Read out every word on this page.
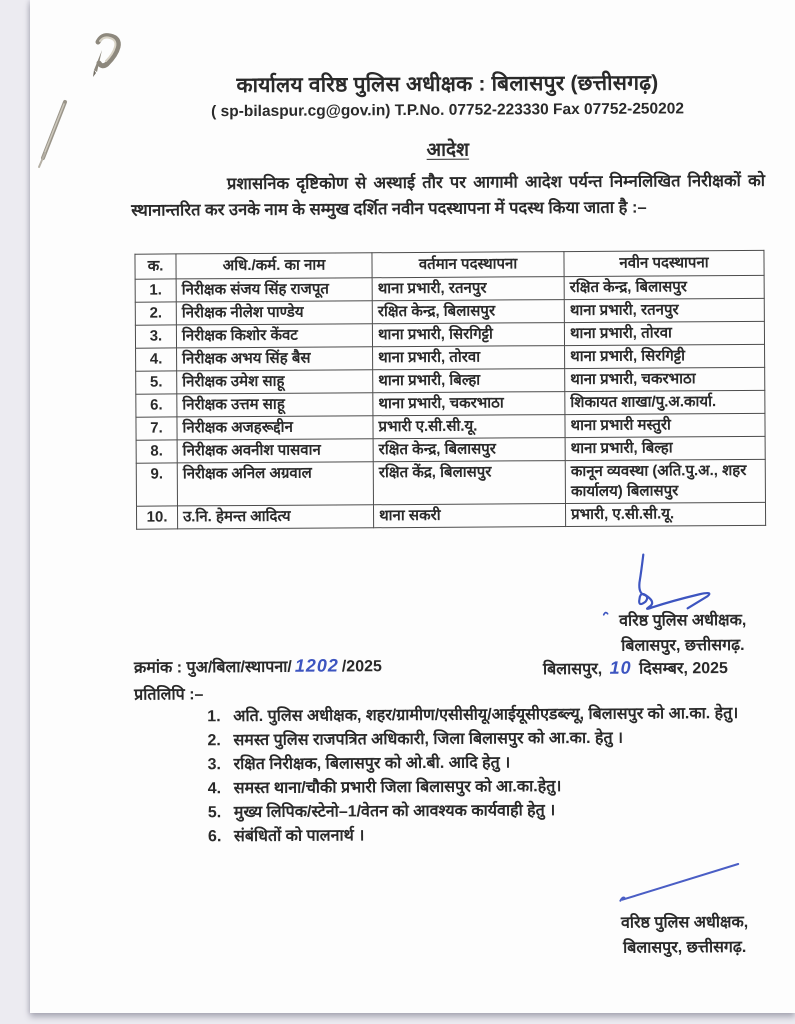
कार्यालय वरिष्ठ पुलिस अधीक्षक : बिलासपुर (छत्तीसगढ़)
( sp-bilaspur.cg@gov.in) T.P.No. 07752-223330 Fax 07752-250202
आदेश
प्रशासनिक दृष्टिकोण से अस्थाई तौर पर आगामी आदेश पर्यन्त निम्नलिखित निरीक्षकों को स्थानान्तरित कर उनके नाम के सम्मुख दर्शित नवीन पदस्थापना में पदस्थ किया जाता है :–
क.	अधि./कर्म. का नाम	वर्तमान पदस्थापना	नवीन पदस्थापना
1.	निरीक्षक संजय सिंह राजपूत	थाना प्रभारी, रतनपुर	रक्षित केन्द्र, बिलासपुर
2.	निरीक्षक नीलेश पाण्डेय	रक्षित केन्द्र, बिलासपुर	थाना प्रभारी, रतनपुर
3.	निरीक्षक किशोर केंवट	थाना प्रभारी, सिरगिट्टी	थाना प्रभारी, तोरवा
4.	निरीक्षक अभय सिंह बैस	थाना प्रभारी, तोरवा	थाना प्रभारी, सिरगिट्टी
5.	निरीक्षक उमेश साहू	थाना प्रभारी, बिल्हा	थाना प्रभारी, चकरभाठा
6.	निरीक्षक उत्तम साहू	थाना प्रभारी, चकरभाठा	शिकायत शाखा/पु.अ.कार्या.
7.	निरीक्षक अजहरूद्दीन	प्रभारी ए.सी.सी.यू.	थाना प्रभारी मस्तुरी
8.	निरीक्षक अवनीश पासवान	रक्षित केन्द्र, बिलासपुर	थाना प्रभारी, बिल्हा
9.	निरीक्षक अनिल अग्रवाल	रक्षित केंद्र, बिलासपुर	कानून व्यवस्था (अति.पु.अ., शहर कार्यालय) बिलासपुर
10.	उ.नि. हेमन्त आदित्य	थाना सकरी	प्रभारी, ए.सी.सी.यू.
वरिष्ठ पुलिस अधीक्षक,
बिलासपुर, छत्तीसगढ़.
क्रमांक : पुअ/बिला/स्थापना/ 1202 /2025	बिलासपुर, 10 दिसम्बर, 2025
प्रतिलिपि :–
1. अति. पुलिस अधीक्षक, शहर/ग्रामीण/एसीसीयू/आईयूसीएडब्ल्यू, बिलासपुर को आ.का. हेतु।
2. समस्त पुलिस राजपत्रित अधिकारी, जिला बिलासपुर को आ.का. हेतु ।
3. रक्षित निरीक्षक, बिलासपुर को ओ.बी. आदि हेतु ।
4. समस्त थाना/चौकी प्रभारी जिला बिलासपुर को आ.का.हेतु।
5. मुख्य लिपिक/स्टेनो–1/वेतन को आवश्यक कार्यवाही हेतु ।
6. संबंधितों को पालनार्थ ।
वरिष्ठ पुलिस अधीक्षक,
बिलासपुर, छत्तीसगढ़.
